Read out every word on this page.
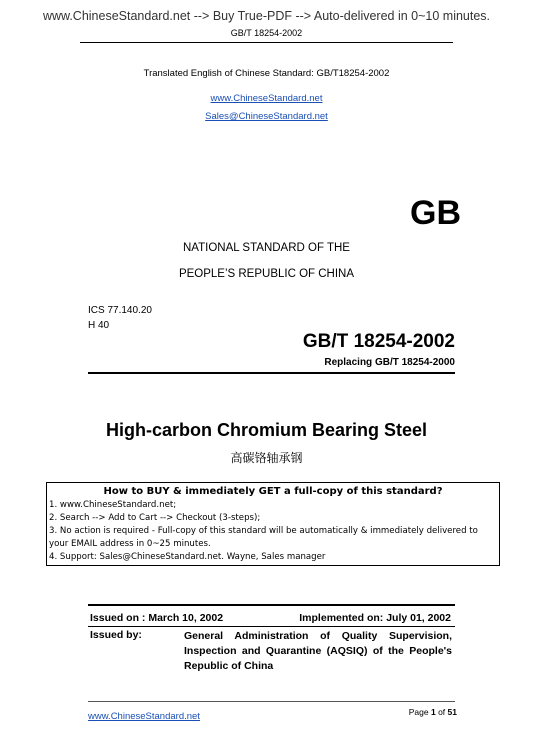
www.ChineseStandard.net --> Buy True-PDF --> Auto-delivered in 0~10 minutes.
GB/T 18254-2002
Translated English of Chinese Standard: GB/T18254-2002
www.ChineseStandard.net
Sales@ChineseStandard.net
GB
NATIONAL STANDARD OF THE
PEOPLE’S REPUBLIC OF CHINA
ICS 77.140.20
H 40
GB/T 18254-2002
Replacing GB/T 18254-2000
High-carbon Chromium Bearing Steel
高碳铬轴承钢
How to BUY & immediately GET a full-copy of this standard?
1. www.ChineseStandard.net;
2. Search --> Add to Cart --> Checkout (3-steps);
3. No action is required - Full-copy of this standard will be automatically & immediately delivered to
your EMAIL address in 0~25 minutes.
4. Support: Sales@ChineseStandard.net. Wayne, Sales manager
Issued on : March 10, 2002	Implemented on: July 01, 2002
Issued by:	General Administration of Quality Supervision, Inspection and Quarantine (AQSIQ) of the People's Republic of China
www.ChineseStandard.net	Page 1 of 51
